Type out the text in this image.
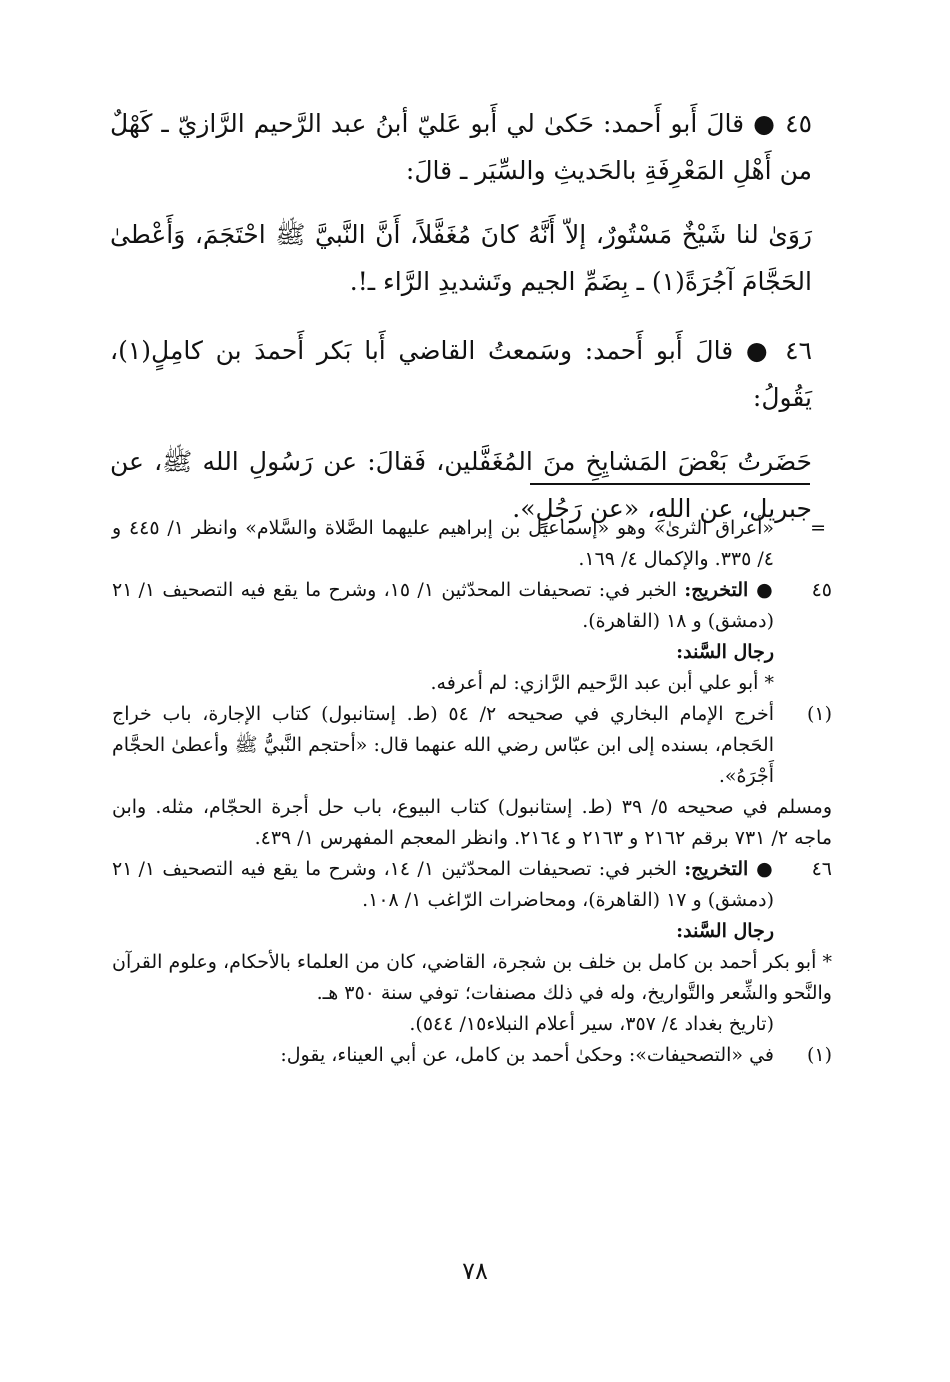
٤٥ ● قالَ أَبو أَحمد: حَكىٰ لي أَبو عَليّ أبنُ عبد الرَّحيم الرَّازيّ ـ كَهْلٌ من أَهْلِ المَعْرِفَةِ بالحَديثِ والسِّيَر ـ قالَ:

رَوَىٰ لنا شَيْخٌ مَسْتُورٌ، إلاّ أَنَّهُ كانَ مُغَفَّلاً، أَنَّ النَّبيَّ ﷺ احْتَجَمَ، وَأَعْطىٰ الحَجَّامَ آجُرَةً(١) ـ بِضَمِّ الجيم وتَشديدِ الرَّاء ـ!.

٤٦ ● قالَ أَبو أَحمد: وسَمعتُ القاضي أَبا بَكر أَحمدَ بن كامِلٍ(١)، يَقُولُ:

حَضَرتُ بَعْضَ المَشايِخِ منَ المُغَفَّلين، فَقالَ: عن رَسُولِ الله ﷺ، عن جبريل، عن اللهِ، «عن رَجُلٍ».

=
«أعراق الثرىٰ» وهو «إسماعيل بن إبراهيم عليهما الصَّلاة والسَّلام» وانظر ١/ ٤٤٥ و ٤/ ٣٣٥. والإكمال ٤/ ١٦٩.
٤٥
● التخريج: الخبر في: تصحيفات المحدّثين ١/ ١٥، وشرح ما يقع فيه التصحيف ١/ ٢١ (دمشق) و ١٨ (القاهرة).

رجال السَّند:

* أبو علي أبن عبد الرَّحيم الرَّازي: لم أعرفه.

(١)
أخرج الإمام البخاري في صحيحه ٢/ ٥٤ (ط. إستانبول) كتاب الإجارة، باب خراج الحَجام، بسنده إلى ابن عبّاس رضي الله عنهما قال: «أحتجم النَّبيُّ ﷺ وأعطىٰ الحجَّام أَجْرَهُ».

ومسلم في صحيحه ٥/ ٣٩ (ط. إستانبول) كتاب البيوع، باب حل أجرة الحجّام، مثله. وابن ماجه ٢/ ٧٣١ برقم ٢١٦٢ و ٢١٦٣ و ٢١٦٤. وانظر المعجم المفهرس ١/ ٤٣٩.

٤٦
● التخريج: الخبر في: تصحيفات المحدّثين ١/ ١٤، وشرح ما يقع فيه التصحيف ١/ ٢١ (دمشق) و ١٧ (القاهرة)، ومحاضرات الرّاغب ١/ ١٠٨.

رجال السَّند:

* أبو بكر أحمد بن كامل بن خلف بن شجرة، القاضي، كان من العلماء بالأحكام، وعلوم القرآن والنَّحو والشِّعر والتَّواريخ، وله في ذلك مصنفات؛ توفي سنة ٣٥٠ هـ.

(تاريخ بغداد ٤/ ٣٥٧، سير أعلام النبلاء١٥/ ٥٤٤).

(١)
في «التصحيفات»: وحكىٰ أحمد بن كامل، عن أبي العيناء، يقول:
٧٨
